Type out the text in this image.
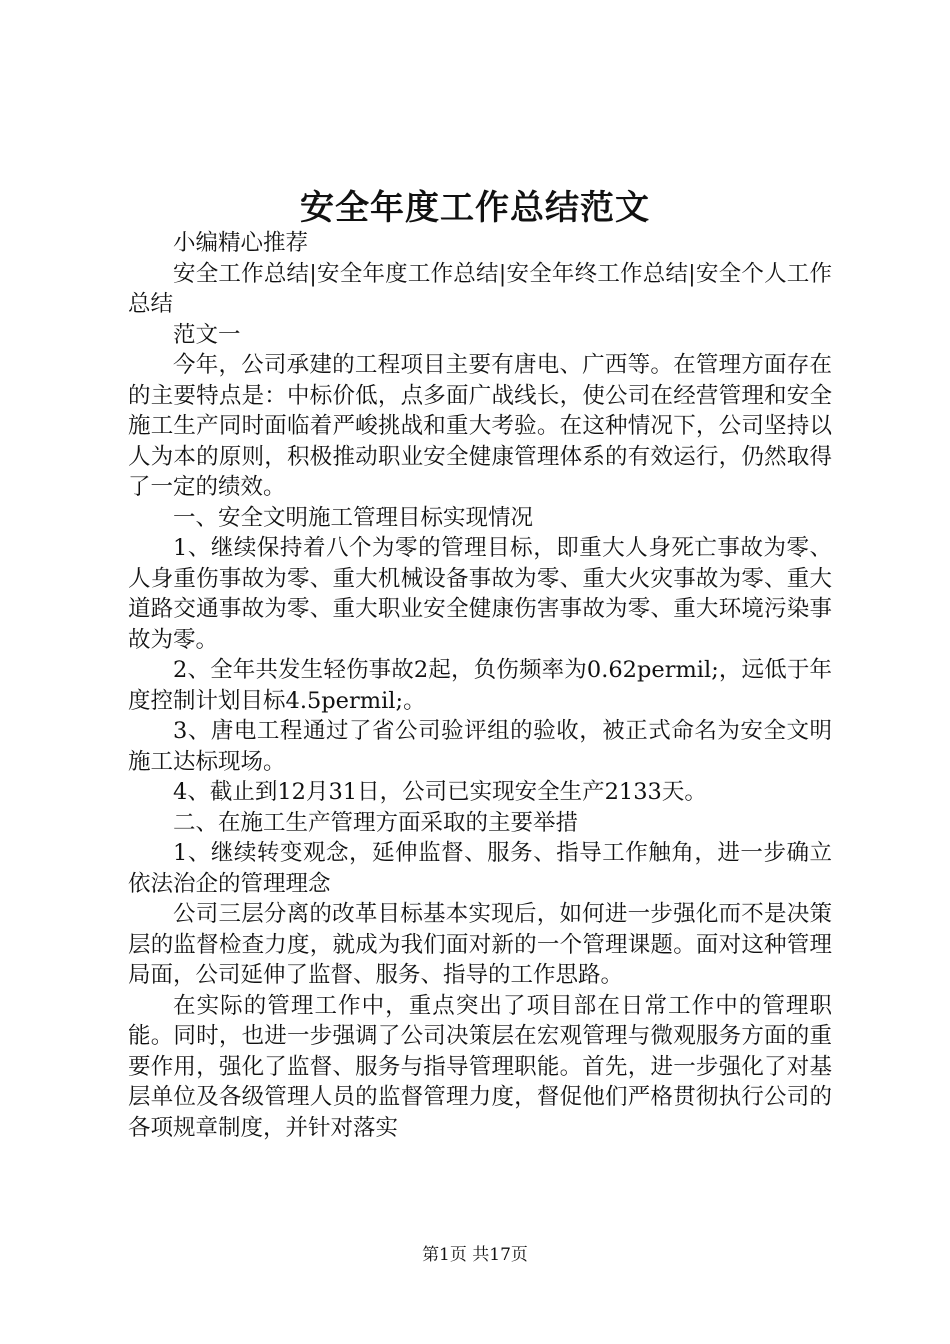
安全年度工作总结范文

小编精心推荐

安全工作总结|安全年度工作总结|安全年终工作总结|安全个人工作总结

范文一

今年，公司承建的工程项目主要有唐电、广西等。在管理方面存在的主要特点是：中标价低，点多面广战线长，使公司在经营管理和安全施工生产同时面临着严峻挑战和重大考验。在这种情况下，公司坚持以人为本的原则，积极推动职业安全健康管理体系的有效运行，仍然取得了一定的绩效。

一、安全文明施工管理目标实现情况

1、继续保持着八个为零的管理目标，即重大人身死亡事故为零、人身重伤事故为零、重大机械设备事故为零、重大火灾事故为零、重大道路交通事故为零、重大职业安全健康伤害事故为零、重大环境污染事故为零。

2、全年共发生轻伤事故2起，负伤频率为0.62permil;，远低于年度控制计划目标4.5permil;。

3、唐电工程通过了省公司验评组的验收，被正式命名为安全文明施工达标现场。

4、截止到12月31日，公司已实现安全生产2133天。

二、在施工生产管理方面采取的主要举措

1、继续转变观念，延伸监督、服务、指导工作触角，进一步确立依法治企的管理理念

公司三层分离的改革目标基本实现后，如何进一步强化而不是决策层的监督检查力度，就成为我们面对新的一个管理课题。面对这种管理局面，公司延伸了监督、服务、指导的工作思路。

在实际的管理工作中，重点突出了项目部在日常工作中的管理职能。同时，也进一步强调了公司决策层在宏观管理与微观服务方面的重要作用，强化了监督、服务与指导管理职能。首先，进一步强化了对基层单位及各级管理人员的监督管理力度，督促他们严格贯彻执行公司的各项规章制度，并针对落实

第1页 共17页
